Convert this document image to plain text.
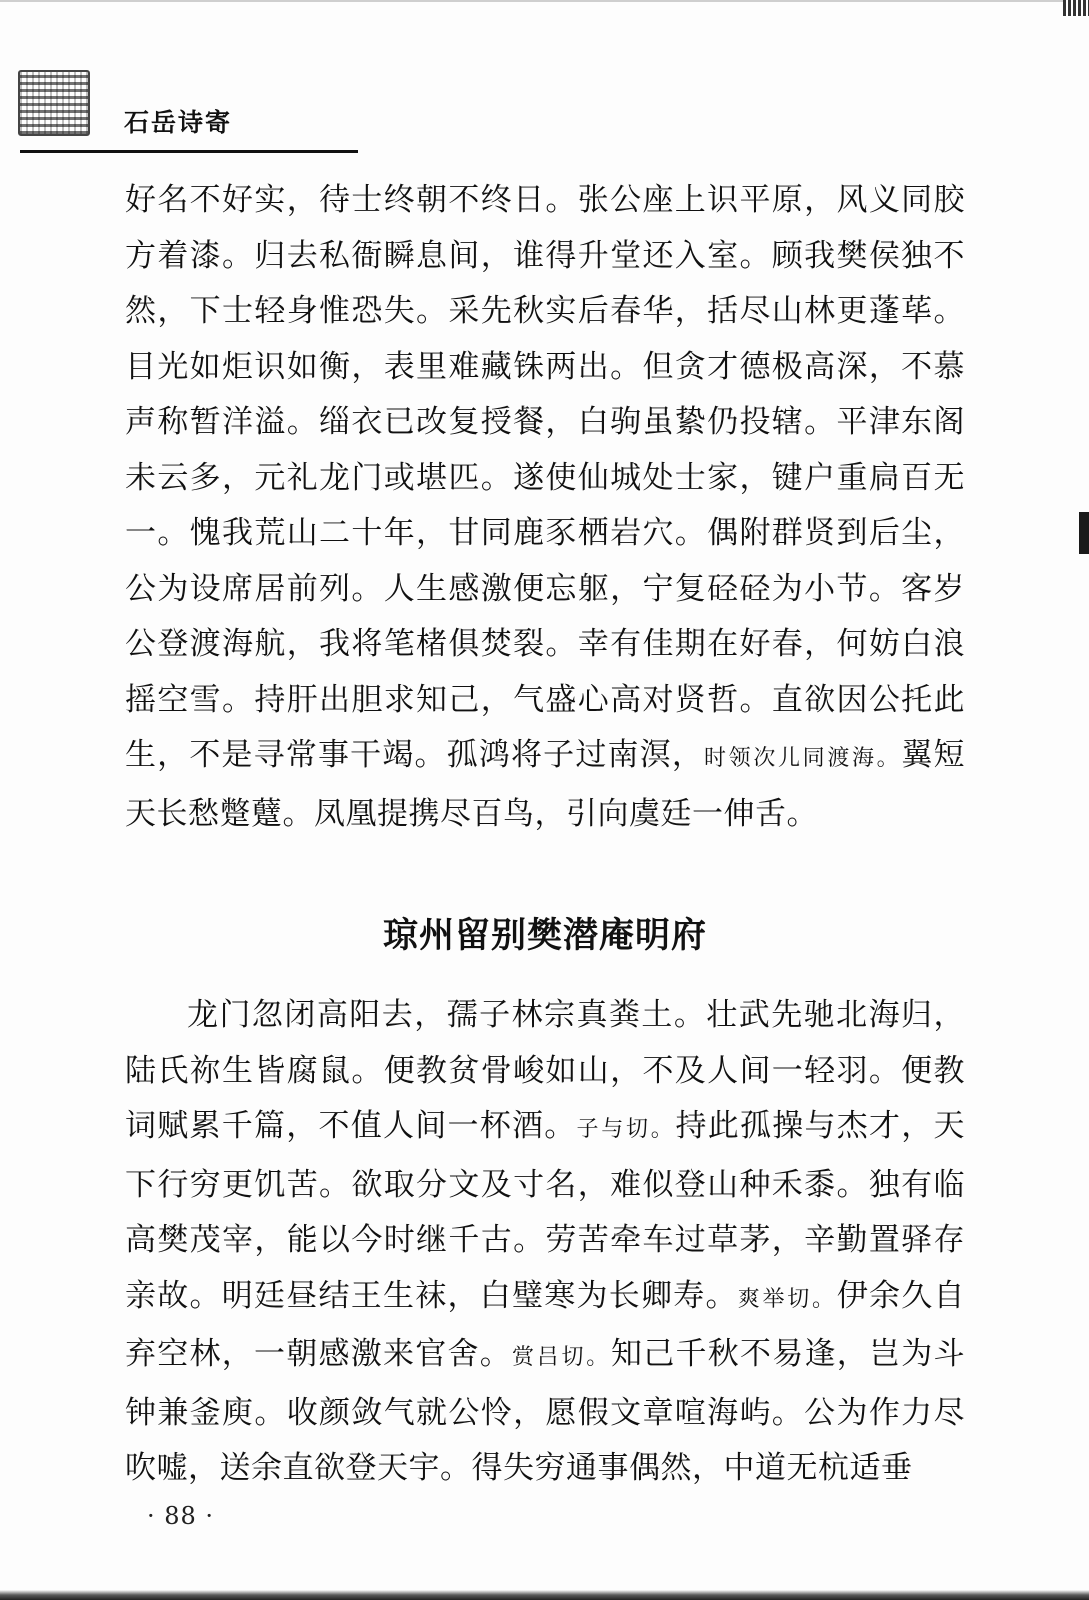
石岳诗寄
好名不好实，待士终朝不终日。张公座上识平原，风义同胶方着漆。归去私衙瞬息间，谁得升堂还入室。顾我樊侯独不然，下士轻身惟恐失。采先秋实后春华，括尽山林更蓬荜。目光如炬识如衡，表里难藏铢两出。但贪才德极高深，不慕声称暂洋溢。缁衣已改复授餐，白驹虽絷仍投辖。平津东阁未云多，元礼龙门或堪匹。遂使仙城处士家，键户重扃百无一。愧我荒山二十年，甘同鹿豕栖岩穴。偶附群贤到后尘，公为设席居前列。人生感激便忘躯，宁复硁硁为小节。客岁公登渡海航，我将笔楮俱焚裂。幸有佳期在好春，何妨白浪摇空雪。持肝出胆求知己，气盛心高对贤哲。直欲因公托此生，不是寻常事干竭。孤鸿将子过南溟，时领次儿同渡海。翼短天长愁蹩躠。凤凰提携尽百鸟，引向虞廷一伸舌。
琼州留别樊潜庵明府
龙门忽闭高阳去，孺子林宗真粪土。壮武先驰北海归，陆氏祢生皆腐鼠。便教贫骨峻如山，不及人间一轻羽。便教词赋累千篇，不值人间一杯酒。子与切。持此孤操与杰才，天下行穷更饥苦。欲取分文及寸名，难似登山种禾黍。独有临高樊茂宰，能以今时继千古。劳苦牵车过草茅，辛勤置驿存亲故。明廷昼结王生袜，白璧寒为长卿寿。爽举切。伊余久自弃空林，一朝感激来官舍。赏吕切。知己千秋不易逢，岂为斗钟兼釜庾。收颜敛气就公怜，愿假文章喧海屿。公为作力尽吹嘘，送余直欲登天宇。得失穷通事偶然，中道无杭适垂
· 88 ·
